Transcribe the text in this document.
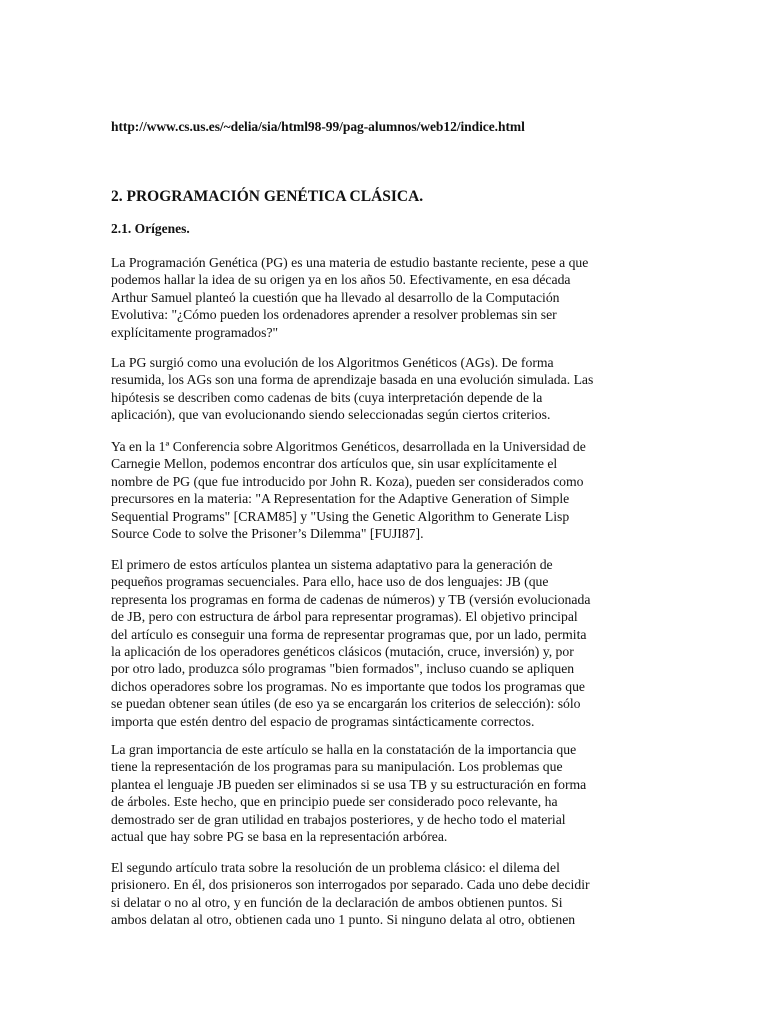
http://www.cs.us.es/~delia/sia/html98-99/pag-alumnos/web12/indice.html
2. PROGRAMACIÓN GENÉTICA CLÁSICA.
2.1. Orígenes.
La Programación Genética (PG) es una materia de estudio bastante reciente, pese a que
podemos hallar la idea de su origen ya en los años 50. Efectivamente, en esa década
Arthur Samuel planteó la cuestión que ha llevado al desarrollo de la Computación
Evolutiva: "¿Cómo pueden los ordenadores aprender a resolver problemas sin ser
explícitamente programados?"
La PG surgió como una evolución de los Algoritmos Genéticos (AGs). De forma
resumida, los AGs son una forma de aprendizaje basada en una evolución simulada. Las
hipótesis se describen como cadenas de bits (cuya interpretación depende de la
aplicación), que van evolucionando siendo seleccionadas según ciertos criterios.
Ya en la 1ª Conferencia sobre Algoritmos Genéticos, desarrollada en la Universidad de
Carnegie Mellon, podemos encontrar dos artículos que, sin usar explícitamente el
nombre de PG (que fue introducido por John R. Koza), pueden ser considerados como
precursores en la materia: "A Representation for the Adaptive Generation of Simple
Sequential Programs" [CRAM85] y "Using the Genetic Algorithm to Generate Lisp
Source Code to solve the Prisoner’s Dilemma" [FUJI87].
El primero de estos artículos plantea un sistema adaptativo para la generación de
pequeños programas secuenciales. Para ello, hace uso de dos lenguajes: JB (que
representa los programas en forma de cadenas de números) y TB (versión evolucionada
de JB, pero con estructura de árbol para representar programas). El objetivo principal
del artículo es conseguir una forma de representar programas que, por un lado, permita
la aplicación de los operadores genéticos clásicos (mutación, cruce, inversión) y, por
por otro lado, produzca sólo programas "bien formados", incluso cuando se apliquen
dichos operadores sobre los programas. No es importante que todos los programas que
se puedan obtener sean útiles (de eso ya se encargarán los criterios de selección): sólo
importa que estén dentro del espacio de programas sintácticamente correctos.
La gran importancia de este artículo se halla en la constatación de la importancia que
tiene la representación de los programas para su manipulación. Los problemas que
plantea el lenguaje JB pueden ser eliminados si se usa TB y su estructuración en forma
de árboles. Este hecho, que en principio puede ser considerado poco relevante, ha
demostrado ser de gran utilidad en trabajos posteriores, y de hecho todo el material
actual que hay sobre PG se basa en la representación arbórea.
El segundo artículo trata sobre la resolución de un problema clásico: el dilema del
prisionero. En él, dos prisioneros son interrogados por separado. Cada uno debe decidir
si delatar o no al otro, y en función de la declaración de ambos obtienen puntos. Si
ambos delatan al otro, obtienen cada uno 1 punto. Si ninguno delata al otro, obtienen
